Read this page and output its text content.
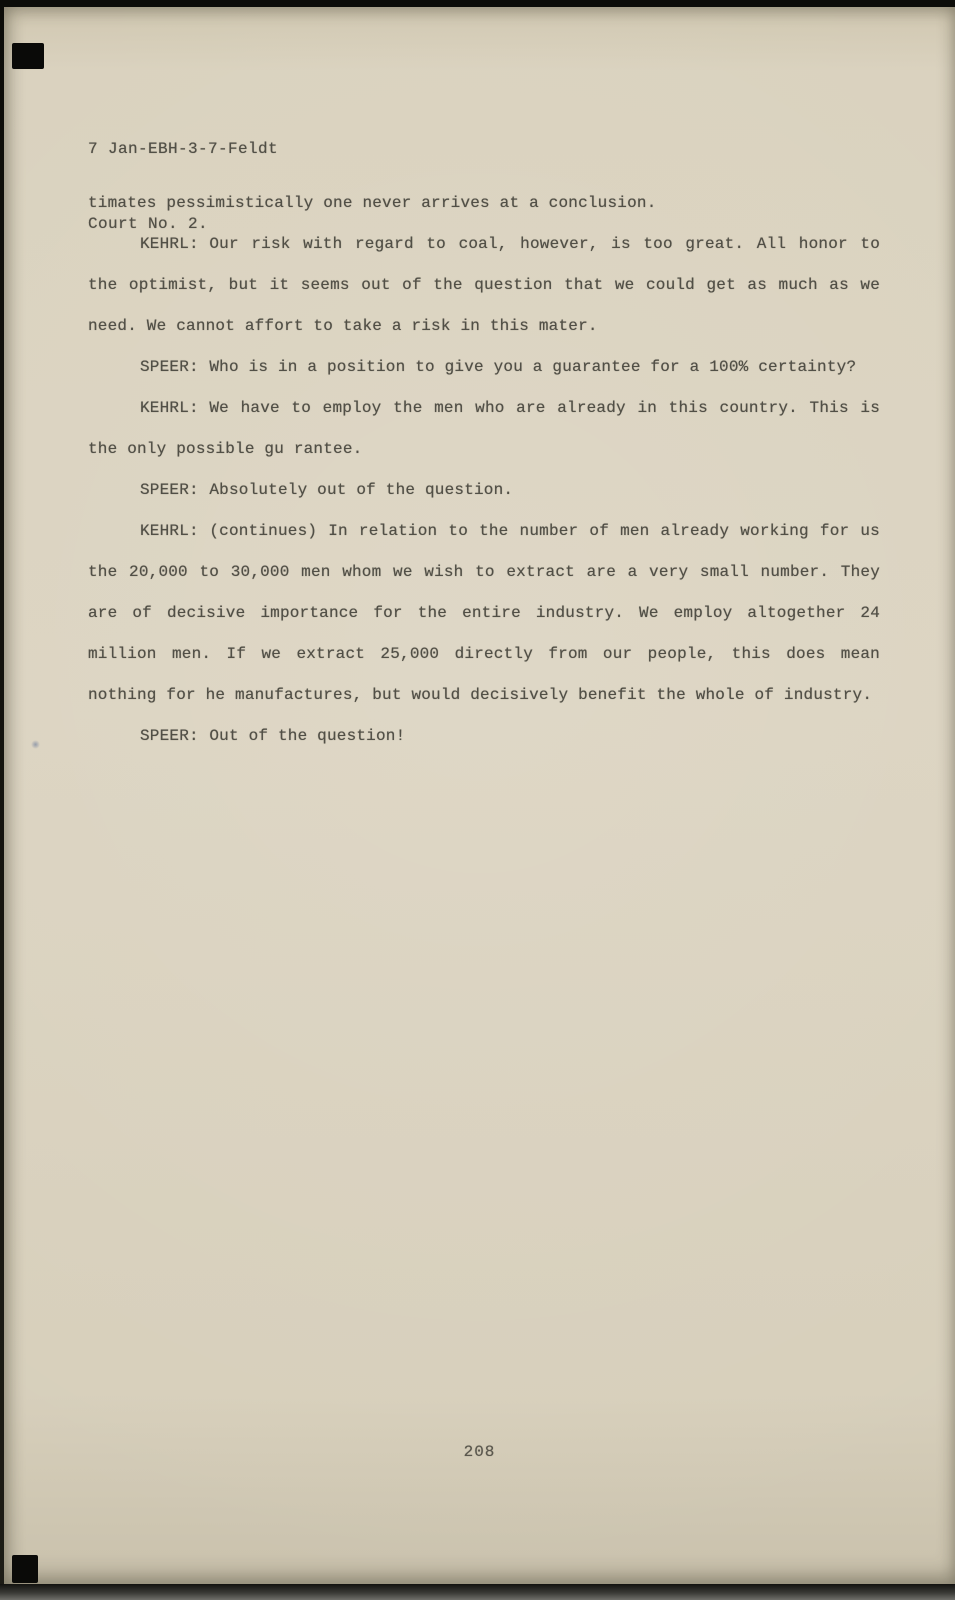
7 Jan-EBH-3-7-Feldt

Court No. 2.

timates pessimistically one never arrives at a conclusion.

KEHRL: Our risk with regard to coal, however, is too great. All honor to the optimist, but it seems out of the question that we could get as much as we need. We cannot affort to take a risk in this mater.

SPEER: Who is in a position to give you a guarantee for a 100% certainty?

KEHRL: We have to employ the men who are already in this country. This is the only possible gu rantee.

SPEER: Absolutely out of the question.

KEHRL: (continues) In relation to the number of men already working for us the 20,000 to 30,000 men whom we wish to extract are a very small number. They are of decisive importance for the entire industry. We employ altogether 24 million men. If we extract 25,000 directly from our people, this does mean nothing for he manufactures, but would decisively benefit the whole of industry.

SPEER: Out of the question!

208
